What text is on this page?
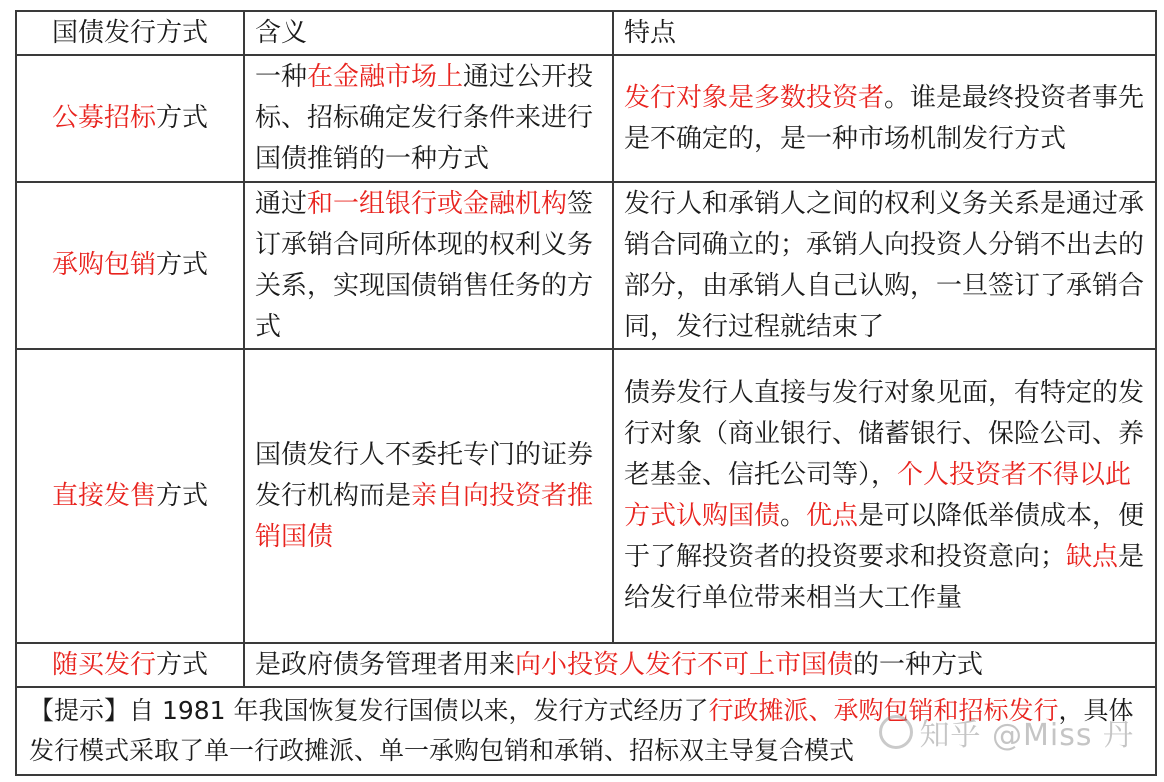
国债发行方式	含义	特点
公募招标方式	一种在金融市场上通过公开投标、招标确定发行条件来进行国债推销的一种方式	发行对象是多数投资者。谁是最终投资者事先是不确定的，是一种市场机制发行方式
承购包销方式	通过和一组银行或金融机构签订承销合同所体现的权利义务关系，实现国债销售任务的方式	发行人和承销人之间的权利义务关系是通过承销合同确立的；承销人向投资人分销不出去的部分，由承销人自己认购，一旦签订了承销合同，发行过程就结束了
直接发售方式	国债发行人不委托专门的证券发行机构而是亲自向投资者推销国债	债券发行人直接与发行对象见面，有特定的发行对象（商业银行、储蓄银行、保险公司、养老基金、信托公司等），个人投资者不得以此方式认购国债。优点是可以降低举债成本，便于了解投资者的投资要求和投资意向；缺点是给发行单位带来相当大工作量
随买发行方式	是政府债务管理者用来向小投资人发行不可上市国债的一种方式	
【提示】自 1981 年我国恢复发行国债以来，发行方式经历了行政摊派、承购包销和招标发行，具体发行模式采取了单一行政摊派、单一承购包销和承销、招标双主导复合模式			知乎 @Miss 丹
